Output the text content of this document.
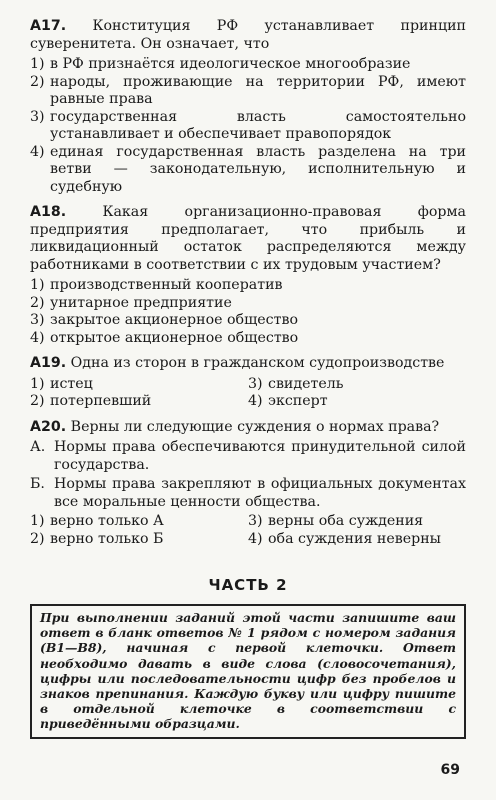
А17. Конституция РФ устанавливает принцип суверенитета. Он означает, что

1) в РФ признаётся идеологическое многообразие
2) народы, проживающие на территории РФ, имеют равные права
3) государственная власть самостоятельно устанавливает и обеспечивает правопорядок
4) единая государственная власть разделена на три ветви — законодательную, исполнительную и судебную

А18.	Какая организационно-правовая форма предприятия предполагает, что прибыль и ликвидационный остаток распределяются между работниками в соответствии с их трудовым участием?

1) производственный кооператив
2) унитарное предприятие
3) закрытое акционерное общество
4) открытое акционерное общество

А19. Одна из сторон в гражданском судопроизводстве

1) истец	3) свидетель
2) потерпевший	4) эксперт

А20. Верны ли следующие суждения о нормах права?

А. Нормы права обеспечиваются принудительной силой государства.
Б. Нормы права закрепляют в официальных документах все моральные ценности общества.
1) верно только А	3) верны оба суждения
2) верно только Б	4) оба суждения неверны
ЧАСТЬ 2
При выполнении заданий этой части запишите ваш ответ в бланк ответов № 1 рядом с номером задания (В1—В8), начиная с первой клеточки. Ответ необходимо давать в виде слова (словосочетания), цифры или последовательности цифр без пробелов и знаков препинания. Каждую букву или цифру пишите в отдельной клеточке в соответствии с приведёнными образцами.
69
